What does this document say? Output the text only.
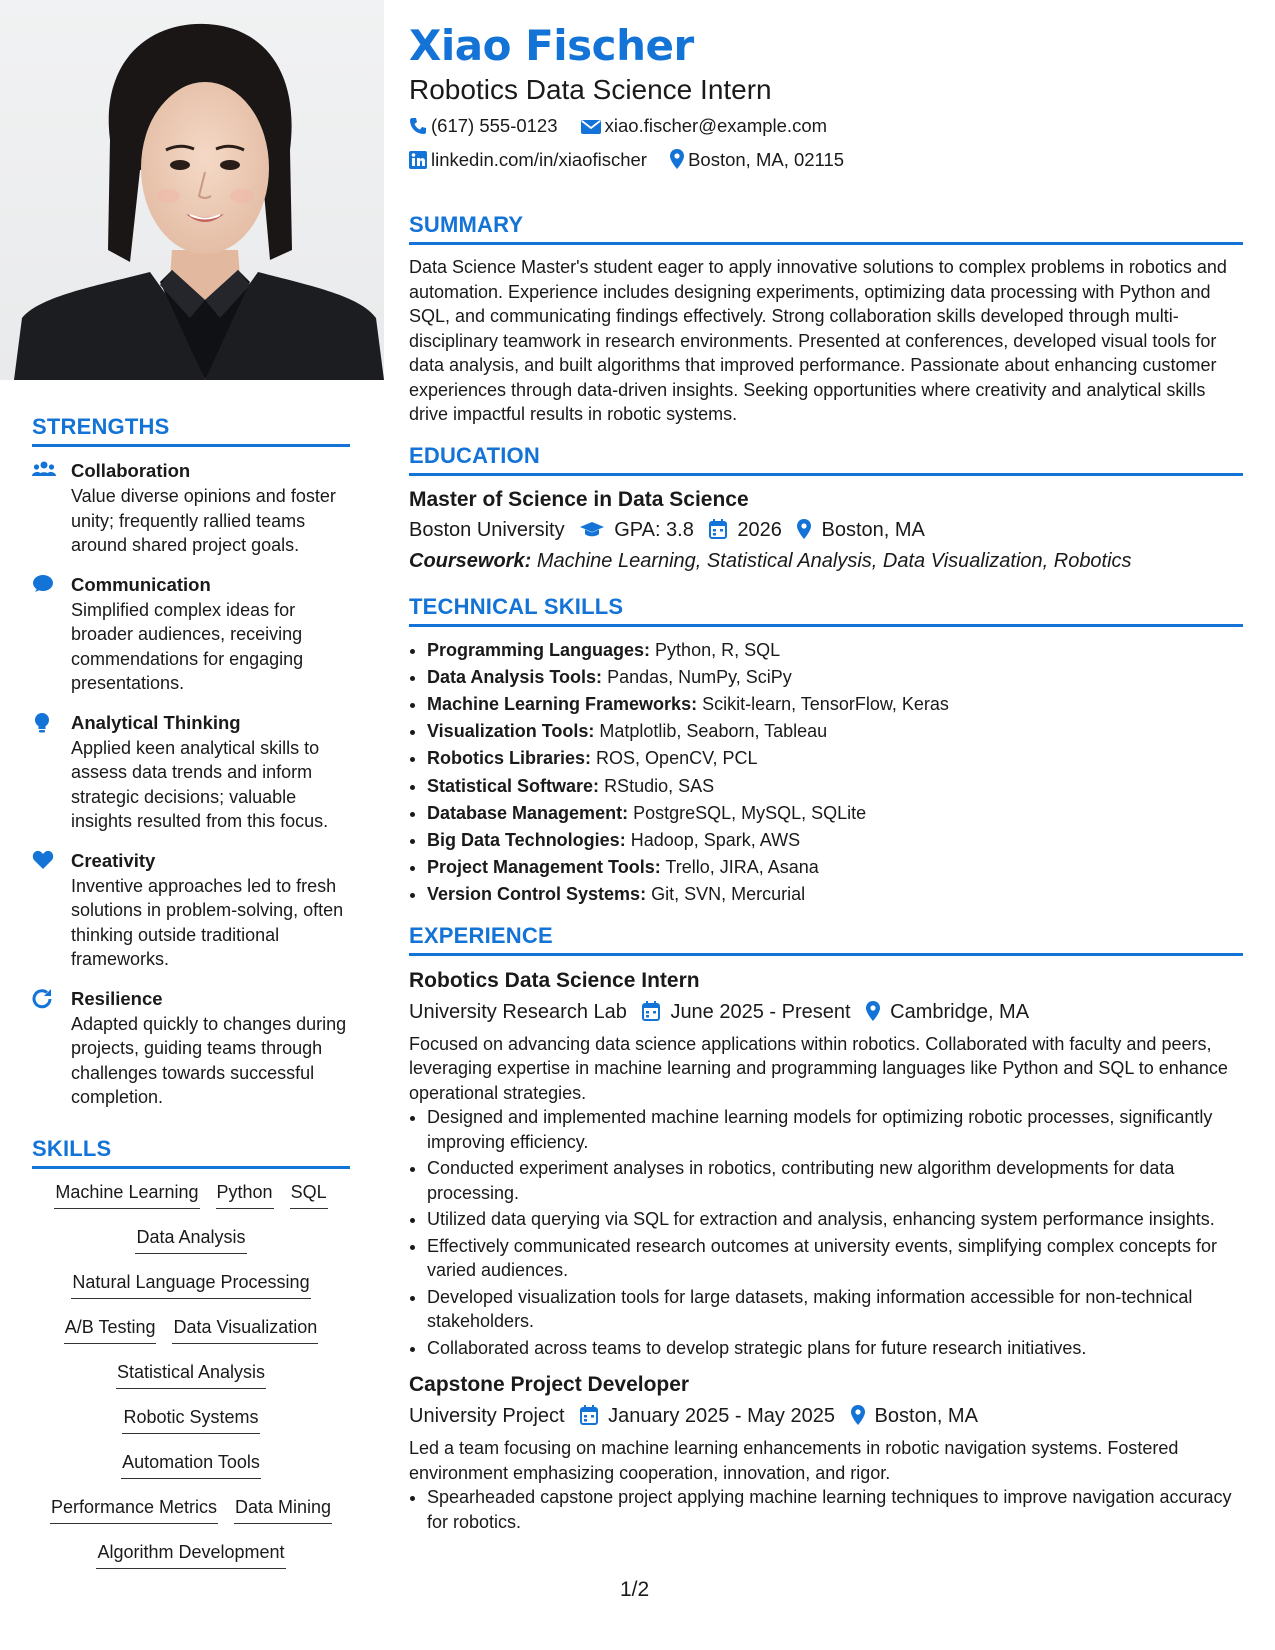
STRENGTHS
Collaboration
Value diverse opinions and foster unity; frequently rallied teams around shared project goals.
Communication
Simplified complex ideas for broader audiences, receiving commendations for engaging presentations.
Analytical Thinking
Applied keen analytical skills to assess data trends and inform strategic decisions; valuable insights resulted from this focus.
Creativity
Inventive approaches led to fresh solutions in problem-solving, often thinking outside traditional frameworks.
Resilience
Adapted quickly to changes during projects, guiding teams through challenges towards successful completion.
SKILLS
Machine Learning Python SQL
Data Analysis
Natural Language Processing
A/B Testing Data Visualization
Statistical Analysis
Robotic Systems
Automation Tools
Performance Metrics Data Mining
Algorithm Development
Xiao Fischer
Robotics Data Science Intern
(617) 555-0123	xiao.fischer@example.com
linkedin.com/in/xiaofischer Boston, MA, 02115
SUMMARY

Data Science Master's student eager to apply innovative solutions to complex problems in robotics and automation. Experience includes designing experiments, optimizing data processing with Python and SQL, and communicating findings effectively. Strong collaboration skills developed through multi-disciplinary teamwork in research environments. Presented at conferences, developed visual tools for data analysis, and built algorithms that improved performance. Passionate about enhancing customer experiences through data-driven insights. Seeking opportunities where creativity and analytical skills drive impactful results in robotic systems.

EDUCATION
Master of Science in Data Science
Boston University GPA: 3.8 2026 Boston, MA
Coursework: Machine Learning, Statistical Analysis, Data Visualization, Robotics
TECHNICAL SKILLS
• Programming Languages: Python, R, SQL
• Data Analysis Tools: Pandas, NumPy, SciPy
• Machine Learning Frameworks: Scikit-learn, TensorFlow, Keras
• Visualization Tools: Matplotlib, Seaborn, Tableau
• Robotics Libraries: ROS, OpenCV, PCL
• Statistical Software: RStudio, SAS
• Database Management: PostgreSQL, MySQL, SQLite
• Big Data Technologies: Hadoop, Spark, AWS
• Project Management Tools: Trello, JIRA, Asana
• Version Control Systems: Git, SVN, Mercurial
EXPERIENCE
Robotics Data Science Intern
University Research Lab June 2025 - Present Cambridge, MA

Focused on advancing data science applications within robotics. Collaborated with faculty and peers, leveraging expertise in machine learning and programming languages like Python and SQL to enhance operational strategies.

• Designed and implemented machine learning models for optimizing robotic processes, significantly improving efficiency.
• Conducted experiment analyses in robotics, contributing new algorithm developments for data processing.
• Utilized data querying via SQL for extraction and analysis, enhancing system performance insights.
• Effectively communicated research outcomes at university events, simplifying complex concepts for varied audiences.
• Developed visualization tools for large datasets, making information accessible for non-technical stakeholders.
• Collaborated across teams to develop strategic plans for future research initiatives.
Capstone Project Developer
University Project January 2025 - May 2025 Boston, MA

Led a team focusing on machine learning enhancements in robotic navigation systems. Fostered environment emphasizing cooperation, innovation, and rigor.

• Spearheaded capstone project applying machine learning techniques to improve navigation accuracy for robotics.
1/2
